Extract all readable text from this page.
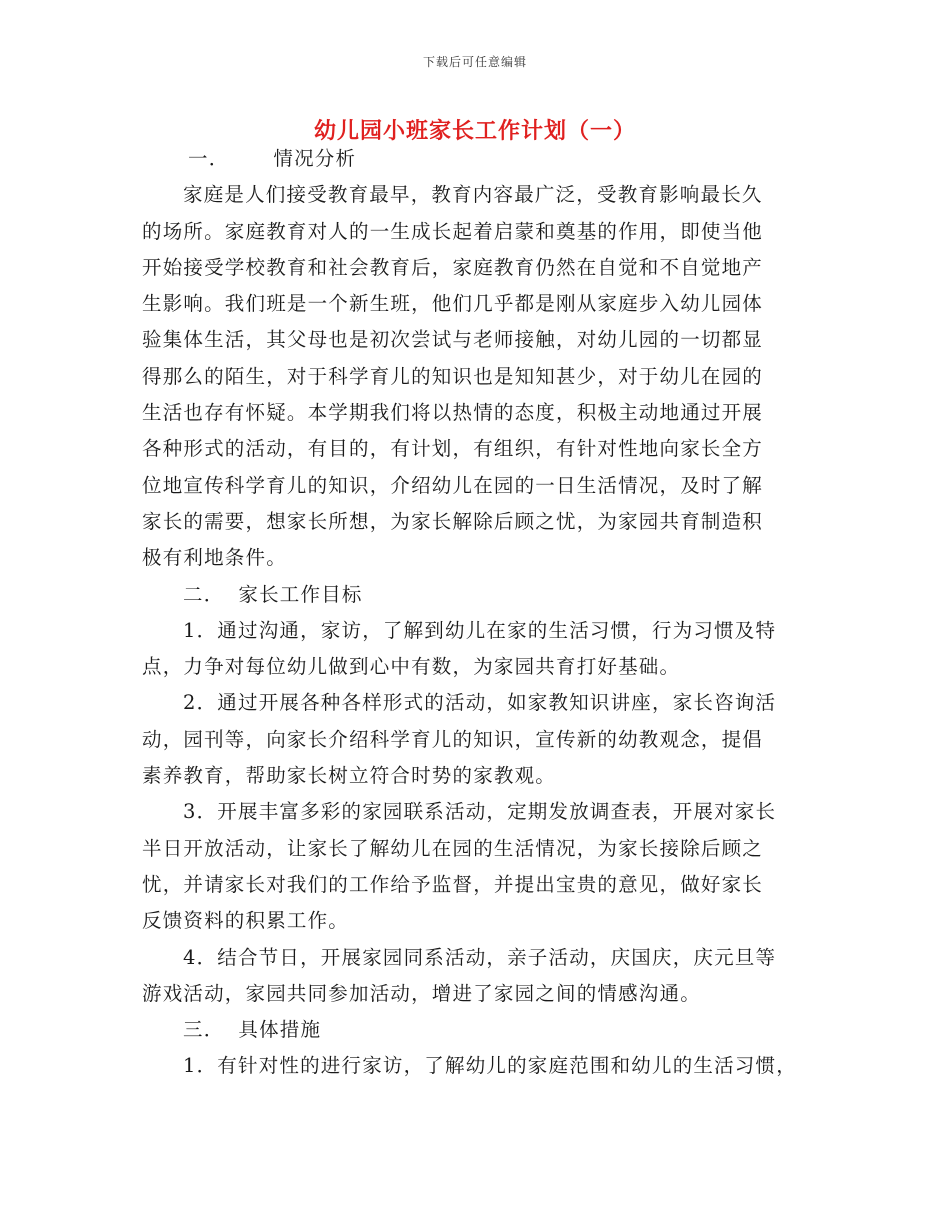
下载后可任意编辑
幼儿园小班家长工作计划（一）
一． 情况分析
家庭是人们接受教育最早，教育内容最广泛，受教育影响最长久
的场所。家庭教育对人的一生成长起着启蒙和奠基的作用，即使当他
开始接受学校教育和社会教育后，家庭教育仍然在自觉和不自觉地产
生影响。我们班是一个新生班，他们几乎都是刚从家庭步入幼儿园体
验集体生活，其父母也是初次尝试与老师接触，对幼儿园的一切都显
得那么的陌生，对于科学育儿的知识也是知知甚少，对于幼儿在园的
生活也存有怀疑。本学期我们将以热情的态度，积极主动地通过开展
各种形式的活动，有目的，有计划，有组织，有针对性地向家长全方
位地宣传科学育儿的知识，介绍幼儿在园的一日生活情况，及时了解
家长的需要，想家长所想，为家长解除后顾之忧，为家园共育制造积
极有利地条件。
二． 家长工作目标
1．通过沟通，家访，了解到幼儿在家的生活习惯，行为习惯及特
点，力争对每位幼儿做到心中有数，为家园共育打好基础。
2．通过开展各种各样形式的活动，如家教知识讲座，家长咨询活
动，园刊等，向家长介绍科学育儿的知识，宣传新的幼教观念，提倡
素养教育，帮助家长树立符合时势的家教观。
3．开展丰富多彩的家园联系活动，定期发放调查表，开展对家长
半日开放活动，让家长了解幼儿在园的生活情况，为家长接除后顾之
忧，并请家长对我们的工作给予监督，并提出宝贵的意见，做好家长
反馈资料的积累工作。
4．结合节日，开展家园同系活动，亲子活动，庆国庆，庆元旦等
游戏活动，家园共同参加活动，增进了家园之间的情感沟通。
三． 具体措施
1．有针对性的进行家访，了解幼儿的家庭范围和幼儿的生活习惯，
